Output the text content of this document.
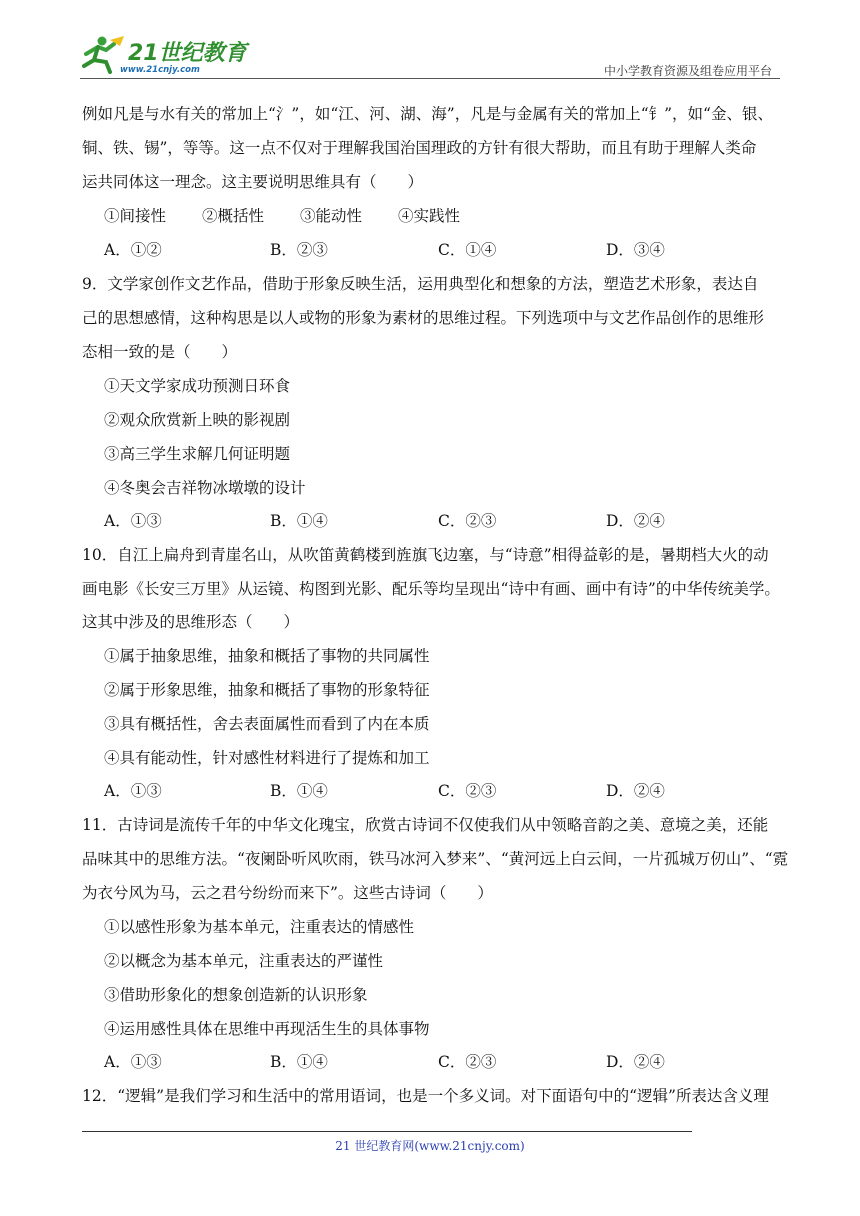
21世纪教育
www.21cnjy.com	中小学教育资源及组卷应用平台
例如凡是与水有关的常加上“氵”，如“江、河、湖、海”，凡是与金属有关的常加上“钅”，如“金、银、
铜、铁、锡”，等等。这一点不仅对于理解我国治国理政的方针有很大帮助，而且有助于理解人类命
运共同体这一理念。这主要说明思维具有（　　）
①间接性 ②概括性 ③能动性 ④实践性
A．①②	B．②③	C．①④	D．③④
9．文学家创作文艺作品，借助于形象反映生活，运用典型化和想象的方法，塑造艺术形象，表达自
己的思想感情，这种构思是以人或物的形象为素材的思维过程。下列选项中与文艺作品创作的思维形
态相一致的是（　　）
①天文学家成功预测日环食
②观众欣赏新上映的影视剧
③高三学生求解几何证明题
④冬奥会吉祥物冰墩墩的设计
A．①③	B．①④	C．②③	D．②④
10．自江上扁舟到青崖名山，从吹笛黄鹤楼到旌旗飞边塞，与“诗意”相得益彰的是，暑期档大火的动
画电影《长安三万里》从运镜、构图到光影、配乐等均呈现出“诗中有画、画中有诗”的中华传统美学。
这其中涉及的思维形态（　　）
①属于抽象思维，抽象和概括了事物的共同属性
②属于形象思维，抽象和概括了事物的形象特征
③具有概括性，舍去表面属性而看到了内在本质
④具有能动性，针对感性材料进行了提炼和加工
A．①③	B．①④	C．②③	D．②④
11．古诗词是流传千年的中华文化瑰宝，欣赏古诗词不仅使我们从中领略音韵之美、意境之美，还能
品味其中的思维方法。“夜阑卧听风吹雨，铁马冰河入梦来”、“黄河远上白云间，一片孤城万仞山”、“霓
为衣兮风为马，云之君兮纷纷而来下”。这些古诗词（　　）
①以感性形象为基本单元，注重表达的情感性
②以概念为基本单元，注重表达的严谨性
③借助形象化的想象创造新的认识形象
④运用感性具体在思维中再现活生生的具体事物
A．①③	B．①④	C．②③	D．②④
12．“逻辑”是我们学习和生活中的常用语词，也是一个多义词。对下面语句中的“逻辑”所表达含义理
21 世纪教育网(www.21cnjy.com)
